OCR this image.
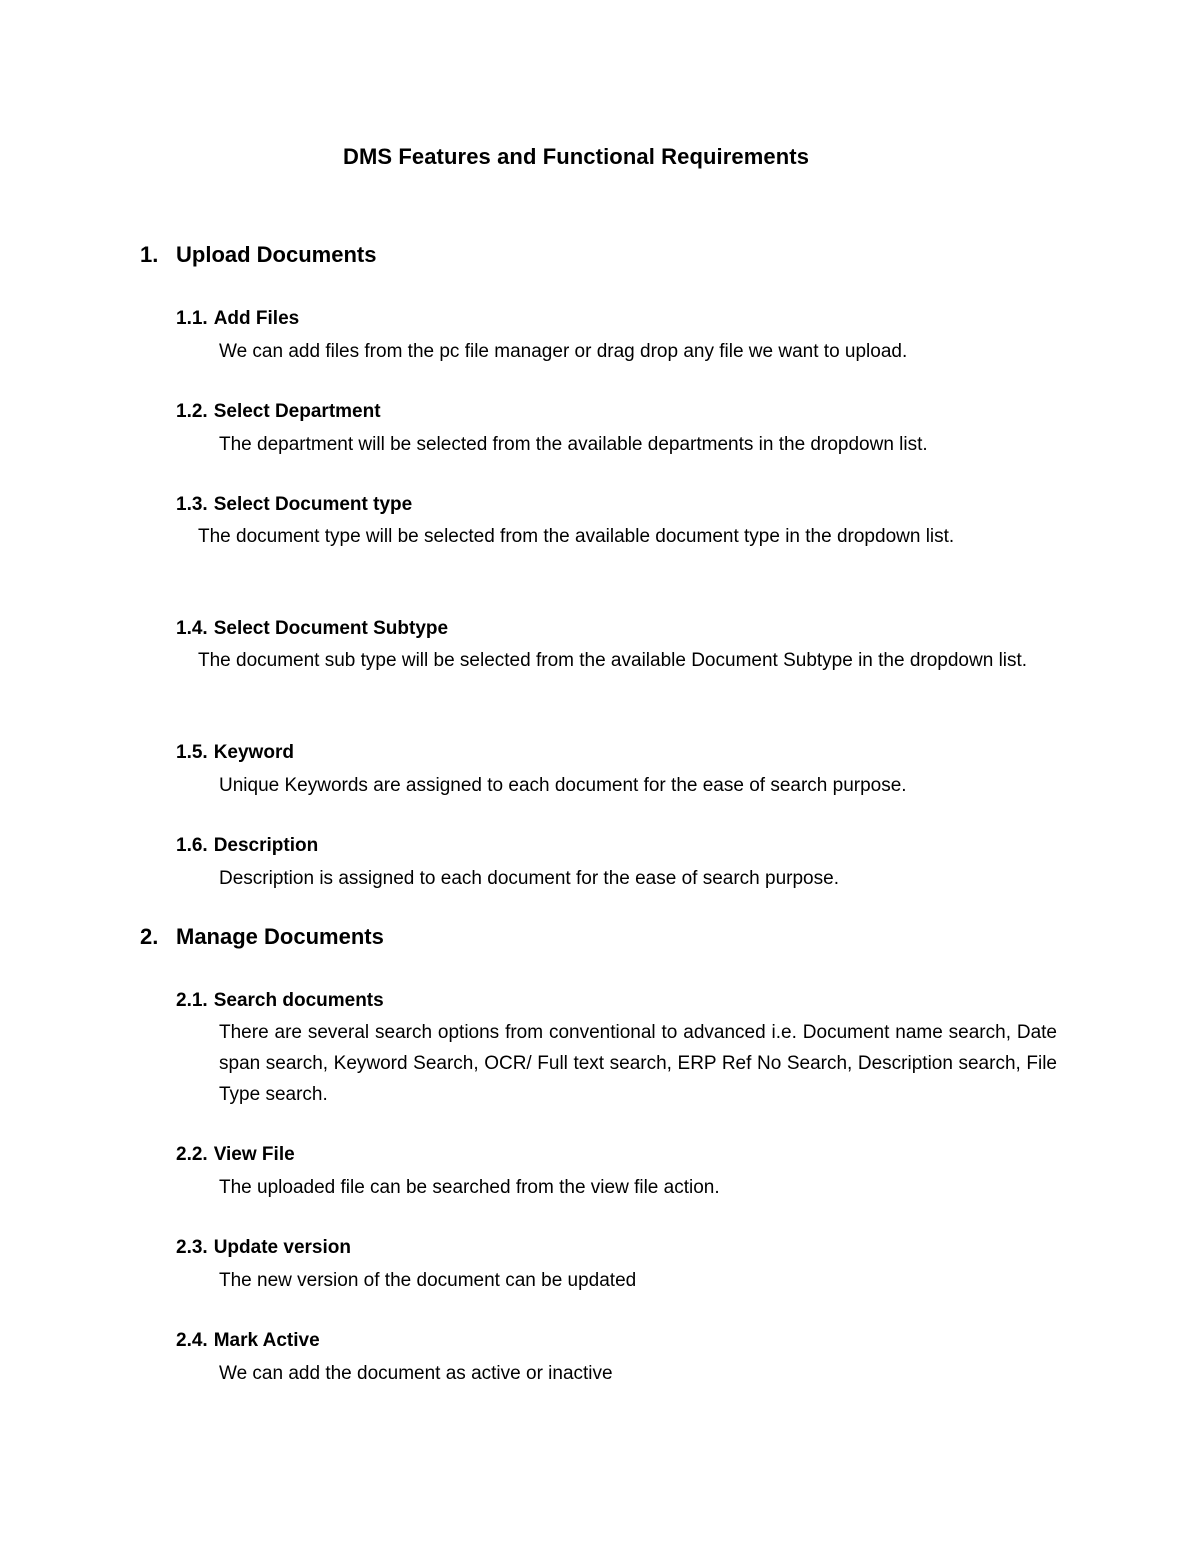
DMS Features and Functional Requirements
1. Upload Documents
1.1. Add Files
We can add files from the pc file manager or drag drop any file we want to upload.
1.2. Select Department
The department will be selected from the available departments in the dropdown list.
1.3. Select Document type
The document type will be selected from the available document type in the dropdown list.
1.4. Select Document Subtype
The document sub type will be selected from the available Document Subtype in the dropdown list.
1.5. Keyword
Unique Keywords are assigned to each document for the ease of search purpose.
1.6. Description
Description is assigned to each document for the ease of search purpose.
2. Manage Documents
2.1. Search documents
There are several search options from conventional to advanced i.e. Document name search, Date span search, Keyword Search, OCR/ Full text search, ERP Ref No Search, Description search, File Type search.
2.2. View File
The uploaded file can be searched from the view file action.
2.3. Update version
The new version of the document can be updated
2.4. Mark Active
We can add the document as active or inactive
